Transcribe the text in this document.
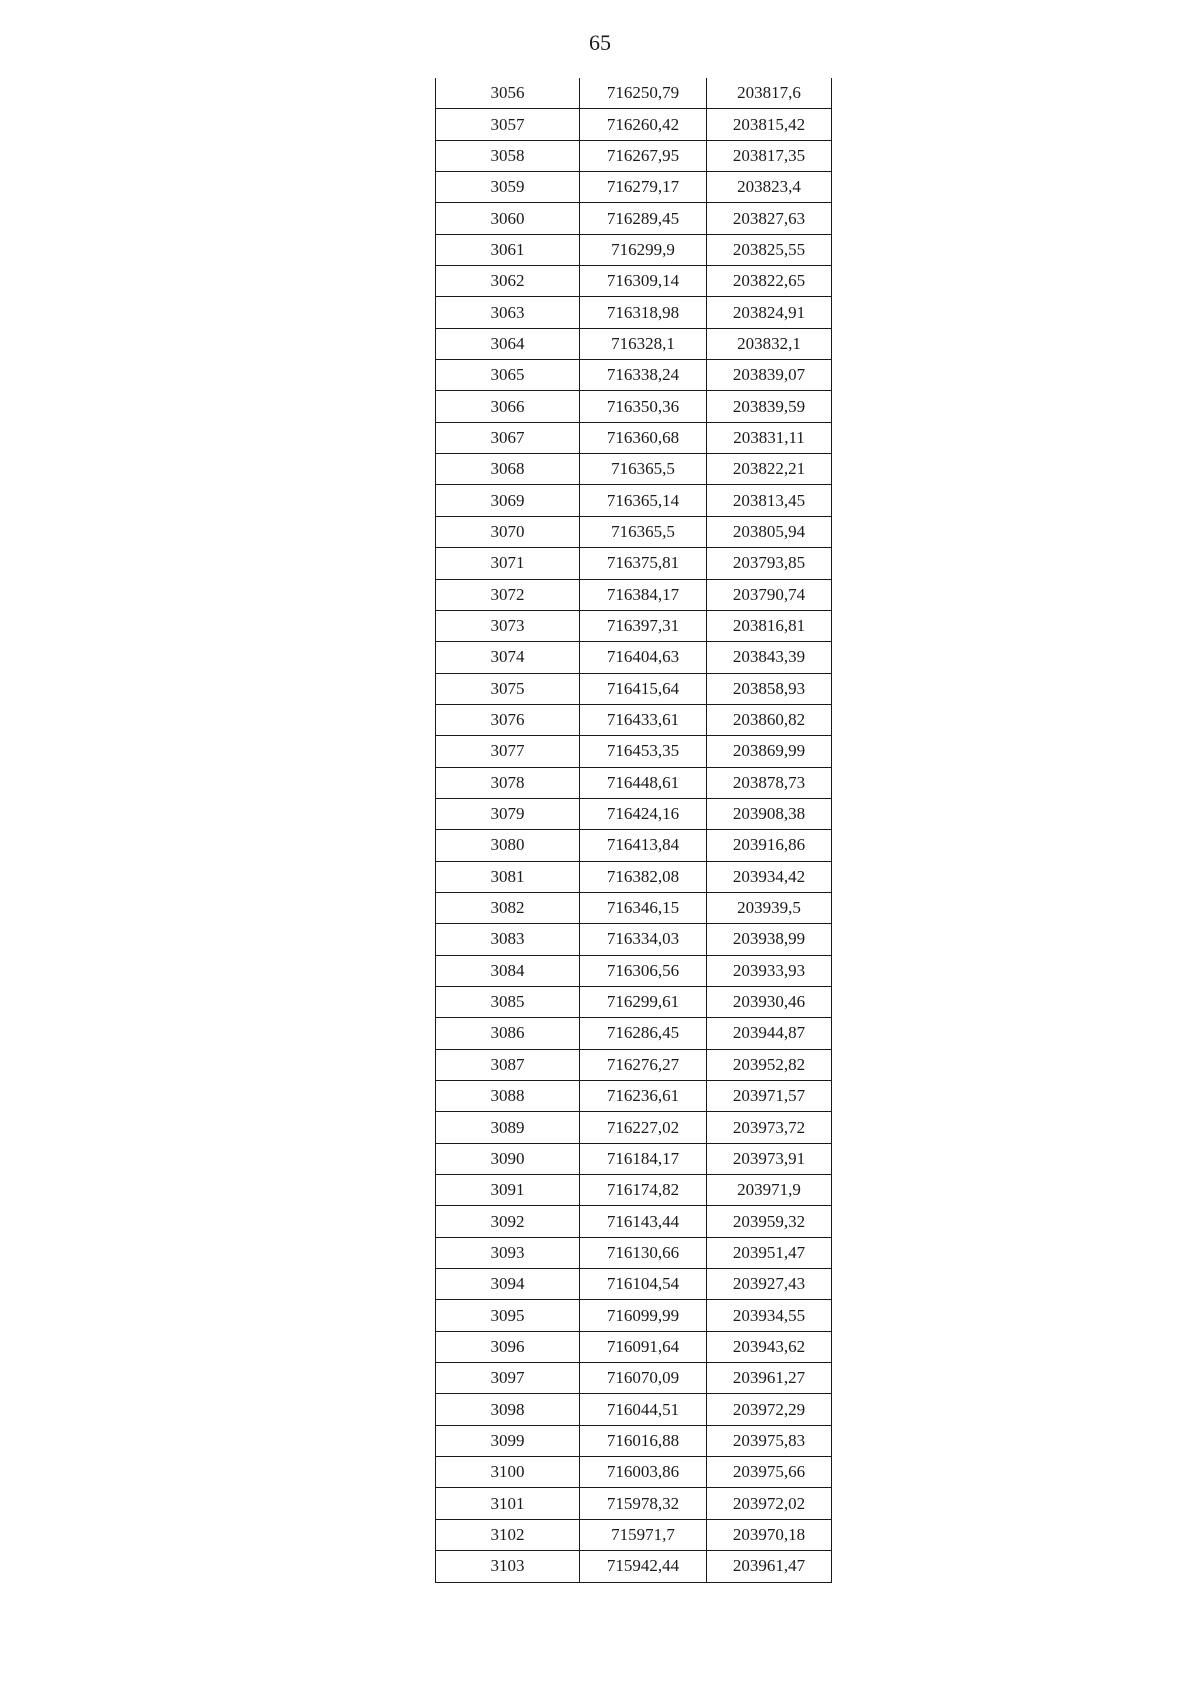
65
3056	716250,79	203817,6
3057	716260,42	203815,42
3058	716267,95	203817,35
3059	716279,17	203823,4
3060	716289,45	203827,63
3061	716299,9	203825,55
3062	716309,14	203822,65
3063	716318,98	203824,91
3064	716328,1	203832,1
3065	716338,24	203839,07
3066	716350,36	203839,59
3067	716360,68	203831,11
3068	716365,5	203822,21
3069	716365,14	203813,45
3070	716365,5	203805,94
3071	716375,81	203793,85
3072	716384,17	203790,74
3073	716397,31	203816,81
3074	716404,63	203843,39
3075	716415,64	203858,93
3076	716433,61	203860,82
3077	716453,35	203869,99
3078	716448,61	203878,73
3079	716424,16	203908,38
3080	716413,84	203916,86
3081	716382,08	203934,42
3082	716346,15	203939,5
3083	716334,03	203938,99
3084	716306,56	203933,93
3085	716299,61	203930,46
3086	716286,45	203944,87
3087	716276,27	203952,82
3088	716236,61	203971,57
3089	716227,02	203973,72
3090	716184,17	203973,91
3091	716174,82	203971,9
3092	716143,44	203959,32
3093	716130,66	203951,47
3094	716104,54	203927,43
3095	716099,99	203934,55
3096	716091,64	203943,62
3097	716070,09	203961,27
3098	716044,51	203972,29
3099	716016,88	203975,83
3100	716003,86	203975,66
3101	715978,32	203972,02
3102	715971,7	203970,18
3103	715942,44	203961,47
